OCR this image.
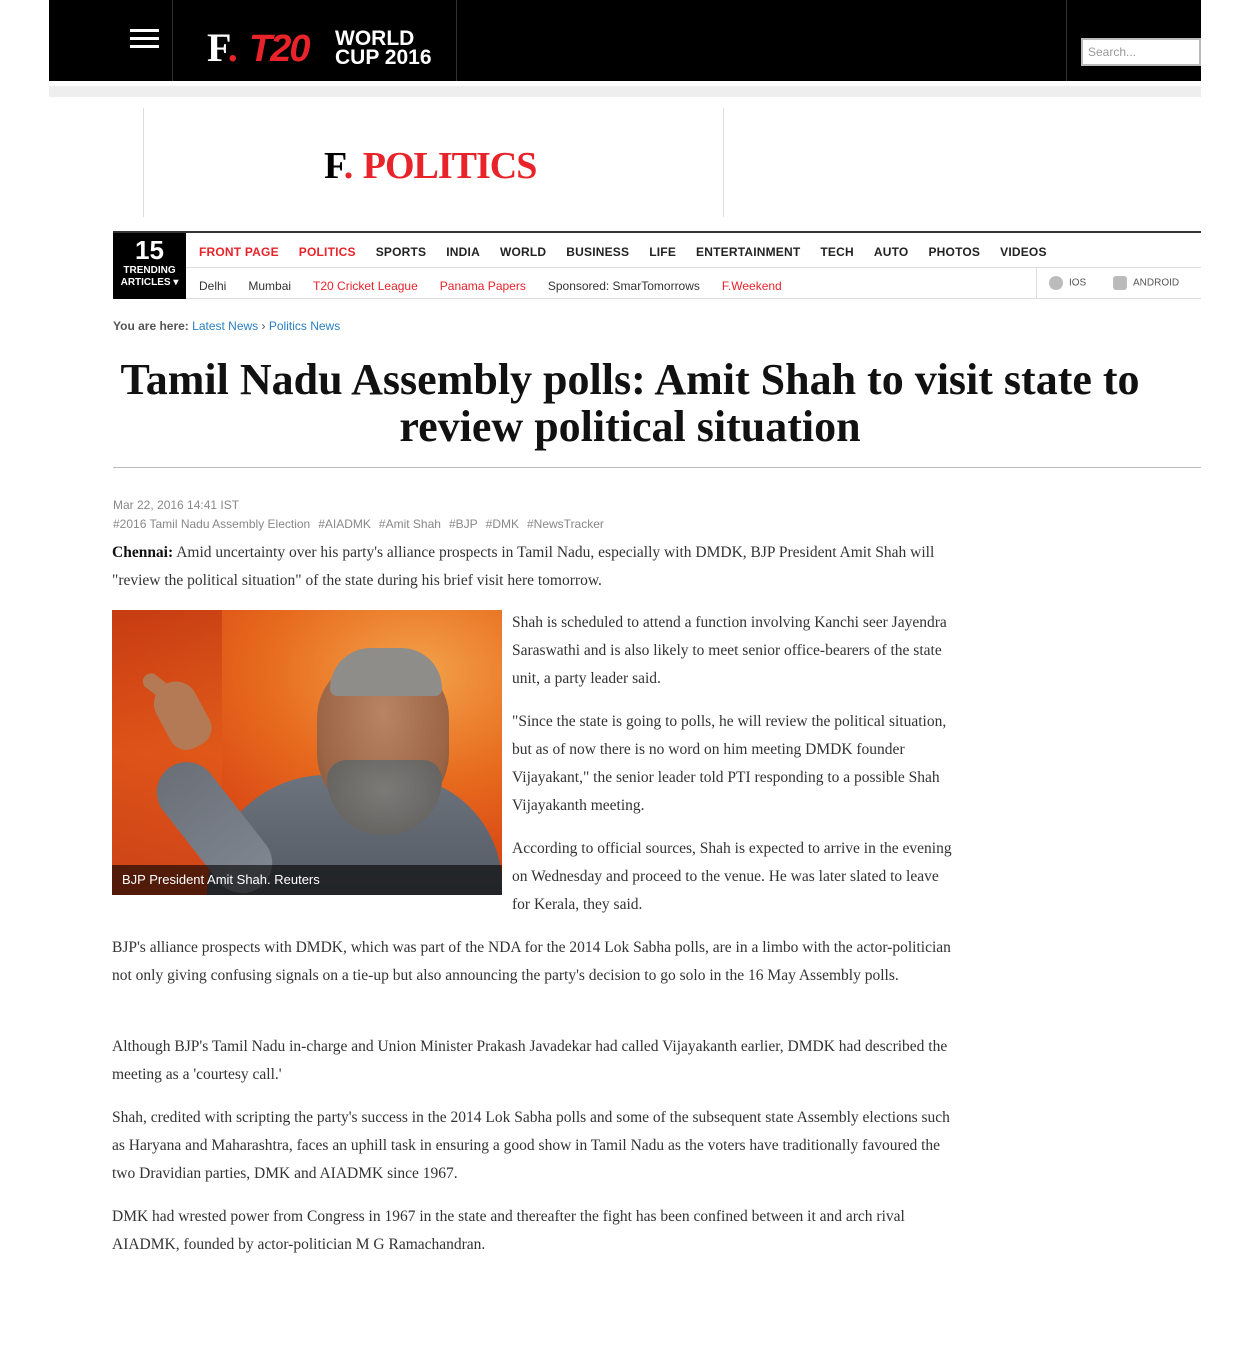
F. T20 WORLD
CUP 2016	Search...
F. POLITICS
15
TRENDING
ARTICLES ▾
FRONT PAGE POLITICS SPORTS INDIA WORLD BUSINESS LIFE ENTERTAINMENT TECH AUTO PHOTOS VIDEOS
Delhi Mumbai T20 Cricket League Panama Papers Sponsored: SmarTomorrows F.Weekend	IOS	ANDROID
You are here: Latest News › Politics News
Tamil Nadu Assembly polls: Amit Shah to visit state to review political situation
Mar 22, 2016 14:41 IST
#2016 Tamil Nadu Assembly Election #AIADMK #Amit Shah #BJP #DMK #NewsTracker

Chennai: Amid uncertainty over his party's alliance prospects in Tamil Nadu, especially with DMDK, BJP President Amit Shah will "review the political situation" of the state during his brief visit here tomorrow.

BJP President Amit Shah. Reuters

Shah is scheduled to attend a function involving Kanchi seer Jayendra Saraswathi and is also likely to meet senior office-bearers of the state unit, a party leader said.

"Since the state is going to polls, he will review the political situation, but as of now there is no word on him meeting DMDK founder Vijayakant," the senior leader told PTI responding to a possible Shah Vijayakanth meeting.

According to official sources, Shah is expected to arrive in the evening on Wednesday and proceed to the venue. He was later slated to leave for Kerala, they said.

BJP's alliance prospects with DMDK, which was part of the NDA for the 2014 Lok Sabha polls, are in a limbo with the actor-politician not only giving confusing signals on a tie-up but also announcing the party's decision to go solo in the 16 May Assembly polls.

Although BJP's Tamil Nadu in-charge and Union Minister Prakash Javadekar had called Vijayakanth earlier, DMDK had described the meeting as a 'courtesy call.'

Shah, credited with scripting the party's success in the 2014 Lok Sabha polls and some of the subsequent state Assembly elections such as Haryana and Maharashtra, faces an uphill task in ensuring a good show in Tamil Nadu as the voters have traditionally favoured the two Dravidian parties, DMK and AIADMK since 1967.

DMK had wrested power from Congress in 1967 in the state and thereafter the fight has been confined between it and arch rival AIADMK, founded by actor-politician M G Ramachandran.
